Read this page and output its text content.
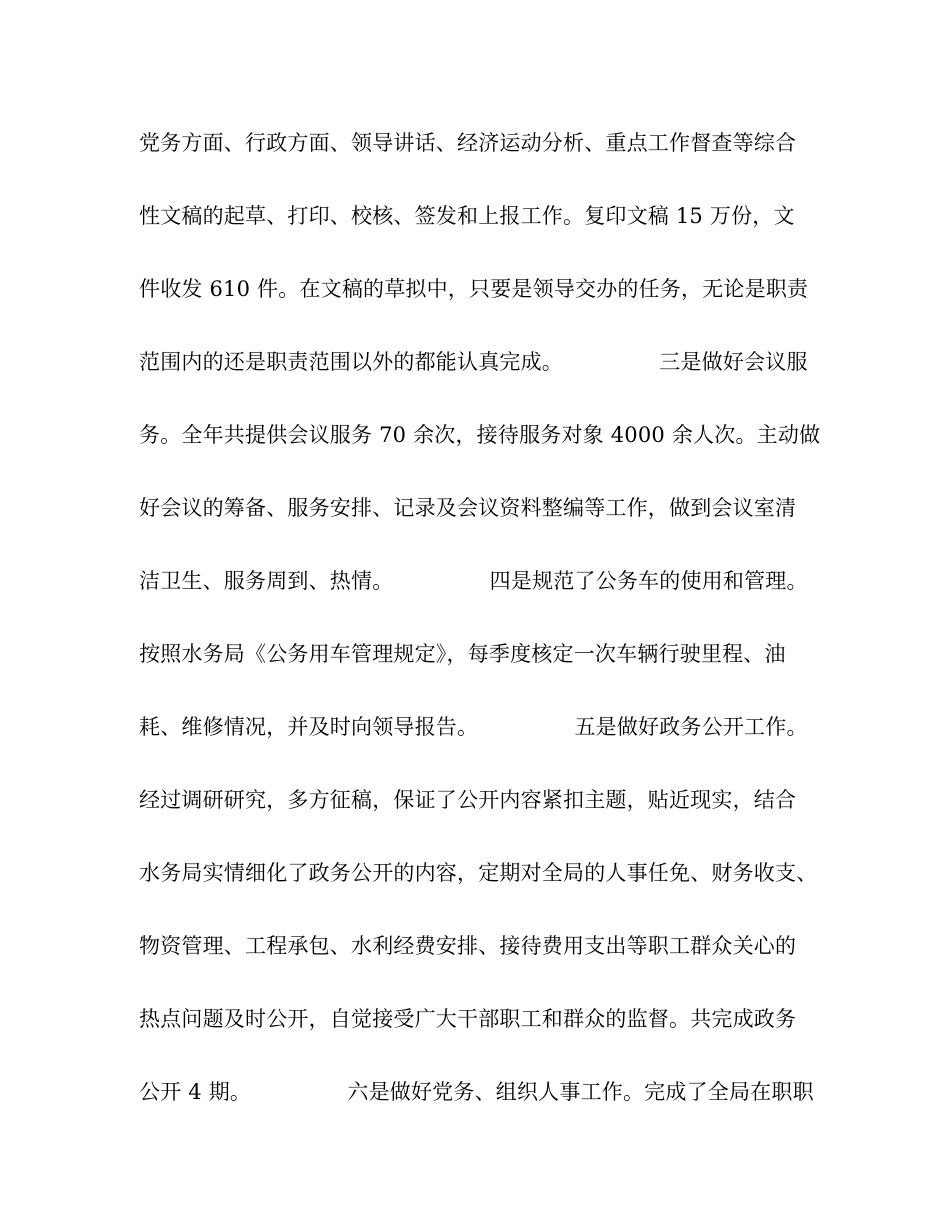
党务方面、行政方面、领导讲话、经济运动分析、重点工作督查等综合
性文稿的起草、打印、校核、签发和上报工作。复印文稿 15 万份，文
件收发 610 件。在文稿的草拟中，只要是领导交办的任务，无论是职责
范围内的还是职责范围以外的都能认真完成。              三是做好会议服
务。全年共提供会议服务 70 余次，接待服务对象 4000 余人次。主动做
好会议的筹备、服务安排、记录及会议资料整编等工作，做到会议室清
洁卫生、服务周到、热情。              四是规范了公务车的使用和管理。
按照水务局《公务用车管理规定》，每季度核定一次车辆行驶里程、油
耗、维修情况，并及时向领导报告。              五是做好政务公开工作。
经过调研研究，多方征稿，保证了公开内容紧扣主题，贴近现实，结合
水务局实情细化了政务公开的内容，定期对全局的人事任免、财务收支、
物资管理、工程承包、水利经费安排、接待费用支出等职工群众关心的
热点问题及时公开，自觉接受广大干部职工和群众的监督。共完成政务
公开 4 期。              六是做好党务、组织人事工作。完成了全局在职职
